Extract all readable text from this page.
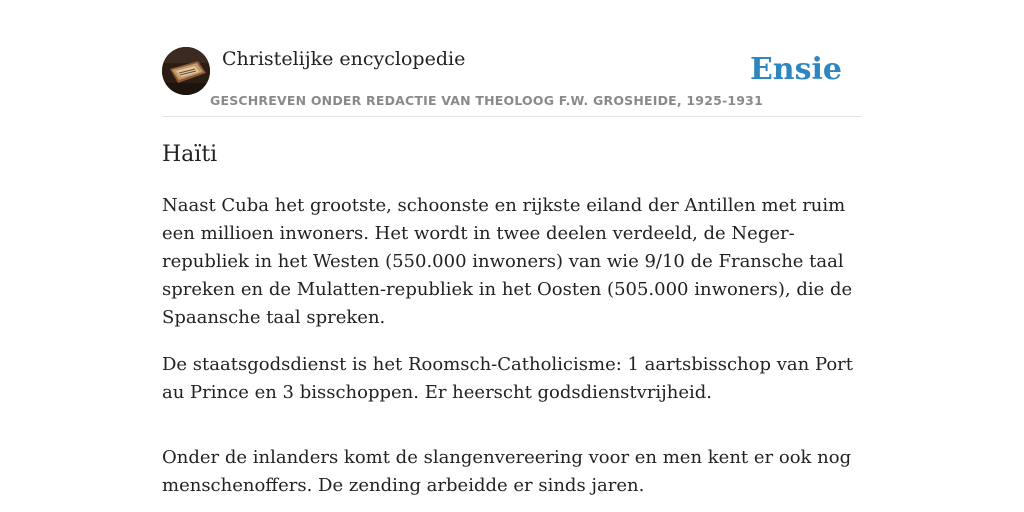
Christelijke encyclopedie
GESCHREVEN ONDER REDACTIE VAN THEOLOOG F.W. GROSHEIDE, 1925-1931
Ensie
Haïti

Naast Cuba het grootste, schoonste en rijkste eiland der Antillen met ruim een millioen inwoners. Het wordt in twee deelen verdeeld, de Neger-republiek in het Westen (550.000 inwoners) van wie 9/10 de Fransche taal spreken en de Mulatten-republiek in het Oosten (505.000 inwoners), die de Spaansche taal spreken.

De staatsgodsdienst is het Roomsch-Catholicisme: 1 aartsbisschop van Port au Prince en 3 bisschoppen. Er heerscht godsdienstvrijheid.

Onder de inlanders komt de slangenvereering voor en men kent er ook nog menschenoffers. De zending arbeidde er sinds jaren.
